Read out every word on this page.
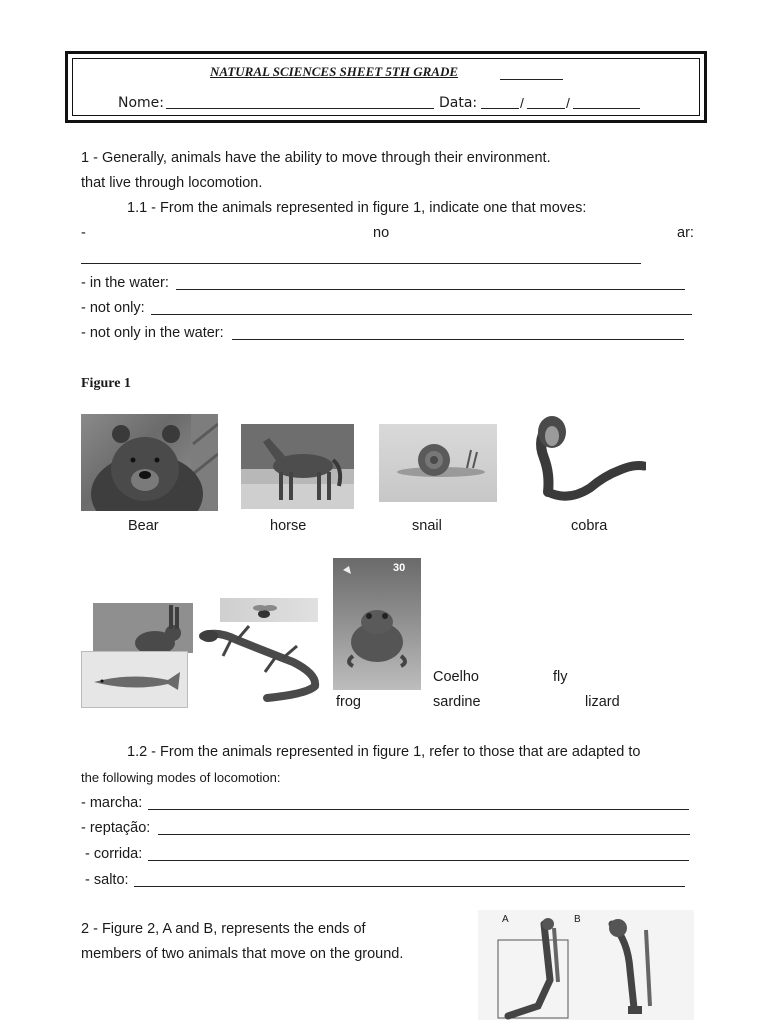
NATURAL SCIENCES SHEET 5TH GRADE
Nome:	Data:	/	/
1 - Generally, animals have the ability to move through their environment.
that live through locomotion.
1.1 - From the animals represented in figure 1, indicate one that moves:
-	no	ar:
- in the water:
- not only:
- not only in the water:
Figure 1
Bear	horse	snail	cobra
30
Coelho	fly
frog	sardine	lizard
1.2 - From the animals represented in figure 1, refer to those that are adapted to
the following modes of locomotion:
- marcha:
- reptação:
- corrida:
- salto:
2 - Figure 2, A and B, represents the ends of
members of two animals that move on the ground.
A	B
